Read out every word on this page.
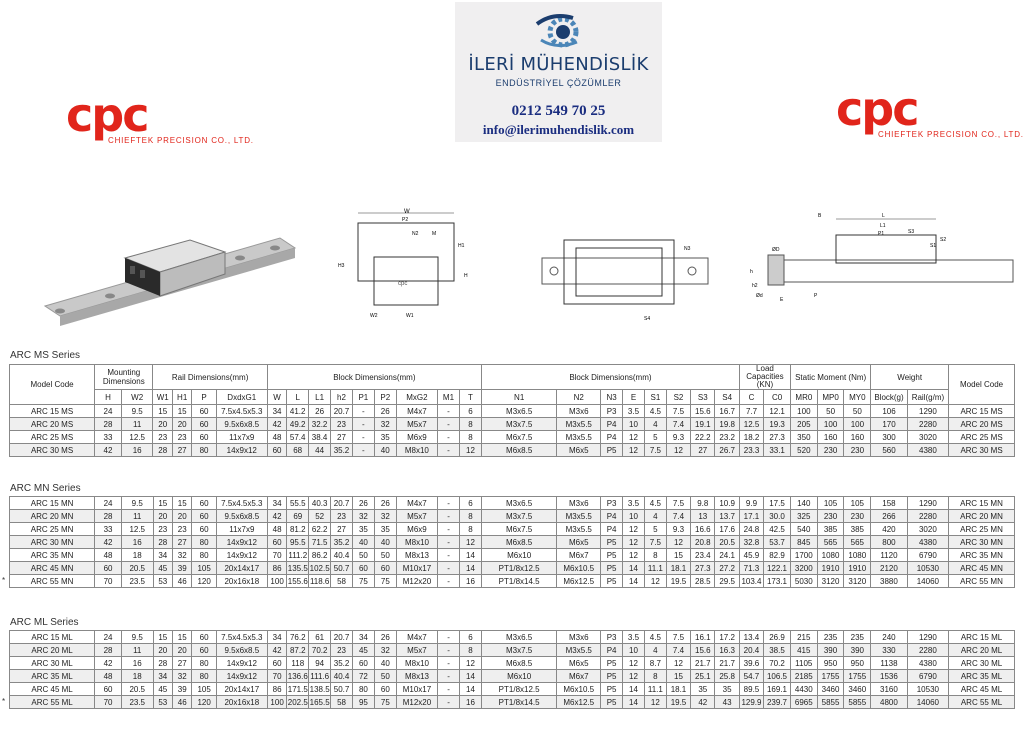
cpc
CHIEFTEK PRECISION CO., LTD.
cpc
CHIEFTEK PRECISION CO., LTD.
İLERİ MÜHENDİSLİK
ENDÜSTRİYEL ÇÖZÜMLER
0212 549 70 25
info@ilerimuhendislik.com
W
P2
N2	M
H1
H
H3
W2	W1
cpc
N3
S4
B	L
L1
P1	S3
S1
S2
ØD
h
h2
Ød
E
P
ARC MS Series
ARC MN Series
ARC ML Series
Model Code	Mounting Dimensions		Rail Dimensions(mm)				Block Dimensions(mm)									Block Dimensions(mm)								Load Capacities (KN)		Static Moment (Nm)			Weight		Model Code
	H	W2	W1	H1	P	DxdxG1	W	L	L1	h2	P1	P2	MxG2	M1	T	N1	N2	N3	E	S1	S2	S3	S4	C	C0	MR0	MP0	MY0	Block(g)	Rail(g/m)	
ARC 15 MS	24	9.5	15	15	60	7.5x4.5x5.3	34	41.2	26	20.7	-	26	M4x7	-	6	M3x6.5	M3x6	P3	3.5	4.5	7.5	15.6	16.7	7.7	12.1	100	50	50	106	1290	ARC 15 MS
ARC 20 MS	28	11	20	20	60	9.5x6x8.5	42	49.2	32.2	23	-	32	M5x7	-	8	M3x7.5	M3x5.5	P4	10	4	7.4	19.1	19.8	12.5	19.3	205	100	100	170	2280	ARC 20 MS
ARC 25 MS	33	12.5	23	23	60	11x7x9	48	57.4	38.4	27	-	35	M6x9	-	8	M6x7.5	M3x5.5	P4	12	5	9.3	22.2	23.2	18.2	27.3	350	160	160	300	3020	ARC 25 MS
ARC 30 MS	42	16	28	27	80	14x9x12	60	68	44	35.2	-	40	M8x10	-	12	M6x8.5	M6x5	P5	12	7.5	12	27	26.7	23.3	33.1	520	230	230	560	4380	ARC 30 MS
ARC 15 MN	24	9.5	15	15	60	7.5x4.5x5.3	34	55.5	40.3	20.7	26	26	M4x7	-	6	M3x6.5	M3x6	P3	3.5	4.5	7.5	9.8	10.9	9.9	17.5	140	105	105	158	1290	ARC 15 MN
ARC 20 MN	28	11	20	20	60	9.5x6x8.5	42	69	52	23	32	32	M5x7	-	8	M3x7.5	M3x5.5	P4	10	4	7.4	13	13.7	17.1	30.0	325	230	230	266	2280	ARC 20 MN
ARC 25 MN	33	12.5	23	23	60	11x7x9	48	81.2	62.2	27	35	35	M6x9	-	8	M6x7.5	M3x5.5	P4	12	5	9.3	16.6	17.6	24.8	42.5	540	385	385	420	3020	ARC 25 MN
ARC 30 MN	42	16	28	27	80	14x9x12	60	95.5	71.5	35.2	40	40	M8x10	-	12	M6x8.5	M6x5	P5	12	7.5	12	20.8	20.5	32.8	53.7	845	565	565	800	4380	ARC 30 MN
ARC 35 MN	48	18	34	32	80	14x9x12	70	111.2	86.2	40.4	50	50	M8x13	-	14	M6x10	M6x7	P5	12	8	15	23.4	24.1	45.9	82.9	1700	1080	1080	1120	6790	ARC 35 MN
ARC 45 MN	60	20.5	45	39	105	20x14x17	86	135.5	102.5	50.7	60	60	M10x17	-	14	PT1/8x12.5	M6x10.5	P5	14	11.1	18.1	27.3	27.2	71.3	122.1	3200	1910	1910	2120	10530	ARC 45 MN
ARC 55 MN	70	23.5	53	46	120	20x16x18	100	155.6	118.6	58	75	75	M12x20	-	16	PT1/8x14.5	M6x12.5	P5	14	12	19.5	28.5	29.5	103.4	173.1	5030	3120	3120	3880	14060	ARC 55 MN
ARC 15 ML	24	9.5	15	15	60	7.5x4.5x5.3	34	76.2	61	20.7	34	26	M4x7	-	6	M3x6.5	M3x6	P3	3.5	4.5	7.5	16.1	17.2	13.4	26.9	215	235	235	240	1290	ARC 15 ML
ARC 20 ML	28	11	20	20	60	9.5x6x8.5	42	87.2	70.2	23	45	32	M5x7	-	8	M3x7.5	M3x5.5	P4	10	4	7.4	15.6	16.3	20.4	38.5	415	390	390	330	2280	ARC 20 ML
ARC 30 ML	42	16	28	27	80	14x9x12	60	118	94	35.2	60	40	M8x10	-	12	M6x8.5	M6x5	P5	12	8.7	12	21.7	21.7	39.6	70.2	1105	950	950	1138	4380	ARC 30 ML
ARC 35 ML	48	18	34	32	80	14x9x12	70	136.6	111.6	40.4	72	50	M8x13	-	14	M6x10	M6x7	P5	12	8	15	25.1	25.8	54.7	106.5	2185	1755	1755	1536	6790	ARC 35 ML
ARC 45 ML	60	20.5	45	39	105	20x14x17	86	171.5	138.5	50.7	80	60	M10x17	-	14	PT1/8x12.5	M6x10.5	P5	14	11.1	18.1	35	35	89.5	169.1	4430	3460	3460	3160	10530	ARC 45 ML
ARC 55 ML	70	23.5	53	46	120	20x16x18	100	202.5	165.5	58	95	75	M12x20	-	16	PT1/8x14.5	M6x12.5	P5	14	12	19.5	42	43	129.9	239.7	6965	5855	5855	4800	14060	ARC 55 ML
*
*
